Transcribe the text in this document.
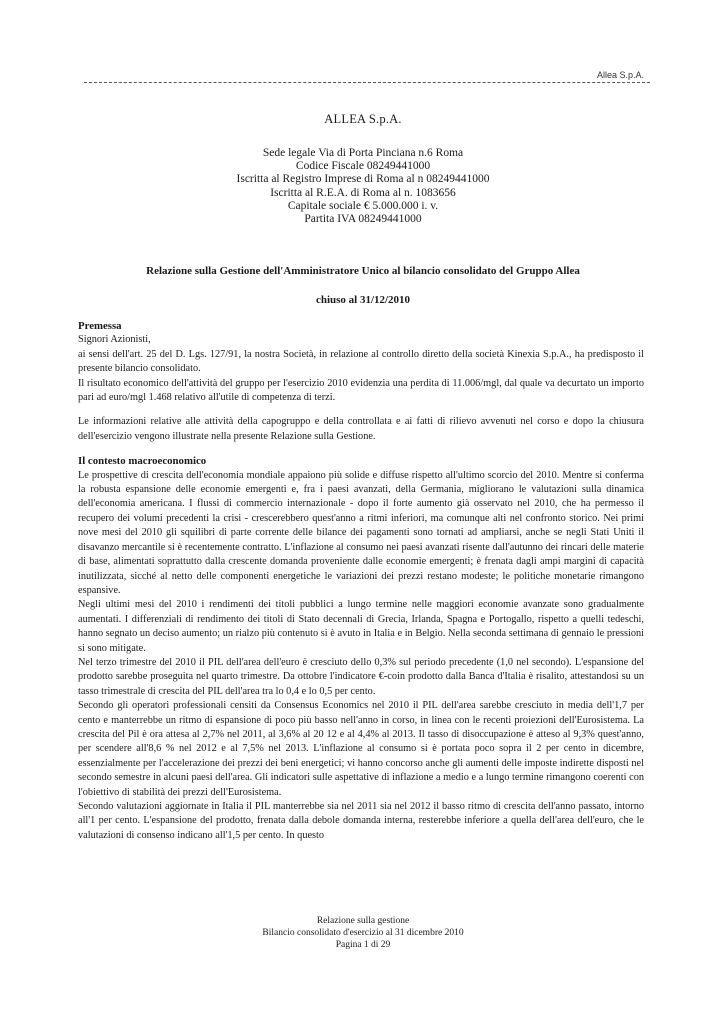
Allea S.p.A.

ALLEA S.p.A.

Sede legale Via di Porta Pinciana n.6 Roma

Codice Fiscale 08249441000

Iscritta al Registro Imprese di Roma al n 08249441000

Iscritta al R.E.A. di Roma al n. 1083656

Capitale sociale € 5.000.000 i. v.

Partita IVA 08249441000

Relazione sulla Gestione dell'Amministratore Unico al bilancio consolidato del Gruppo Allea

chiuso al 31/12/2010

Premessa

Signori Azionisti,

ai sensi dell'art. 25 del D. Lgs. 127/91, la nostra Società, in relazione al controllo diretto della società Kinexia S.p.A., ha predisposto il presente bilancio consolidato.

Il risultato economico dell'attività del gruppo per l'esercizio 2010 evidenzia una perdita di 11.006/mgl, dal quale va decurtato un importo pari ad euro/mgl 1.468 relativo all'utile di competenza di terzi.

Le informazioni relative alle attività della capogruppo e della controllata e ai fatti di rilievo avvenuti nel corso e dopo la chiusura dell'esercizio vengono illustrate nella presente Relazione sulla Gestione.

Il contesto macroeconomico

Le prospettive di crescita dell'economia mondiale appaiono più solide e diffuse rispetto all'ultimo scorcio del 2010. Mentre si conferma la robusta espansione delle economie emergenti e, fra i paesi avanzati, della Germania, migliorano le valutazioni sulla dinamica dell'economia americana. I flussi di commercio internazionale - dopo il forte aumento già osservato nel 2010, che ha permesso il recupero dei volumi precedenti la crisi - crescerebbero quest'anno a ritmi inferiori, ma comunque alti nel confronto storico. Nei primi nove mesi del 2010 gli squilibri di parte corrente delle bilance dei pagamenti sono tornati ad ampliarsi, anche se negli Stati Uniti il disavanzo mercantile si è recentemente contratto. L'inflazione al consumo nei paesi avanzati risente dall'autunno dei rincari delle materie di base, alimentati soprattutto dalla crescente domanda proveniente dalle economie emergenti; è frenata dagli ampi margini di capacità inutilizzata, sicché al netto delle componenti energetiche le variazioni dei prezzi restano modeste; le politiche monetarie rimangono espansive.

Negli ultimi mesi del 2010 i rendimenti dei titoli pubblici a lungo termine nelle maggiori economie avanzate sono gradualmente aumentati. I differenziali di rendimento dei titoli di Stato decennali di Grecia, Irlanda, Spagna e Portogallo, rispetto a quelli tedeschi, hanno segnato un deciso aumento; un rialzo più contenuto si è avuto in Italia e in Belgio. Nella seconda settimana di gennaio le pressioni si sono mitigate.

Nel terzo trimestre del 2010 il PIL dell'area dell'euro è cresciuto dello 0,3% sul periodo precedente (1,0 nel secondo). L'espansione del prodotto sarebbe proseguita nel quarto trimestre. Da ottobre l'indicatore €-coin prodotto dalla Banca d'Italia è risalito, attestandosi su un tasso trimestrale di crescita del PIL dell'area tra lo 0,4 e lo 0,5 per cento.

Secondo gli operatori professionali censiti da Consensus Economics nel 2010 il PIL dell'area sarebbe cresciuto in media dell'1,7 per cento e manterrebbe un ritmo di espansione di poco più basso nell'anno in corso, in linea con le recenti proiezioni dell'Eurosistema. La crescita del Pil è ora attesa al 2,7% nel 2011, al 3,6% al 20 12 e al 4,4% al 2013. Il tasso di disoccupazione è atteso al 9,3% quest'anno, per scendere all'8,6 % nel 2012 e al 7,5% nel 2013. L'inflazione al consumo si è portata poco sopra il 2 per cento in dicembre, essenzialmente per l'accelerazione dei prezzi dei beni energetici; vi hanno concorso anche gli aumenti delle imposte indirette disposti nel secondo semestre in alcuni paesi dell'area. Gli indicatori sulle aspettative di inflazione a medio e a lungo termine rimangono coerenti con l'obiettivo di stabilità dei prezzi dell'Eurosistema.

Secondo valutazioni aggiornate in Italia il PIL manterrebbe sia nel 2011 sia nel 2012 il basso ritmo di crescita dell'anno passato, intorno all'1 per cento. L'espansione del prodotto, frenata dalla debole domanda interna, resterebbe inferiore a quella dell'area dell'euro, che le valutazioni di consenso indicano all'1,5 per cento. In questo

Relazione sulla gestione

Bilancio consolidato d'esercizio al 31 dicembre 2010

Pagina 1 di 29
